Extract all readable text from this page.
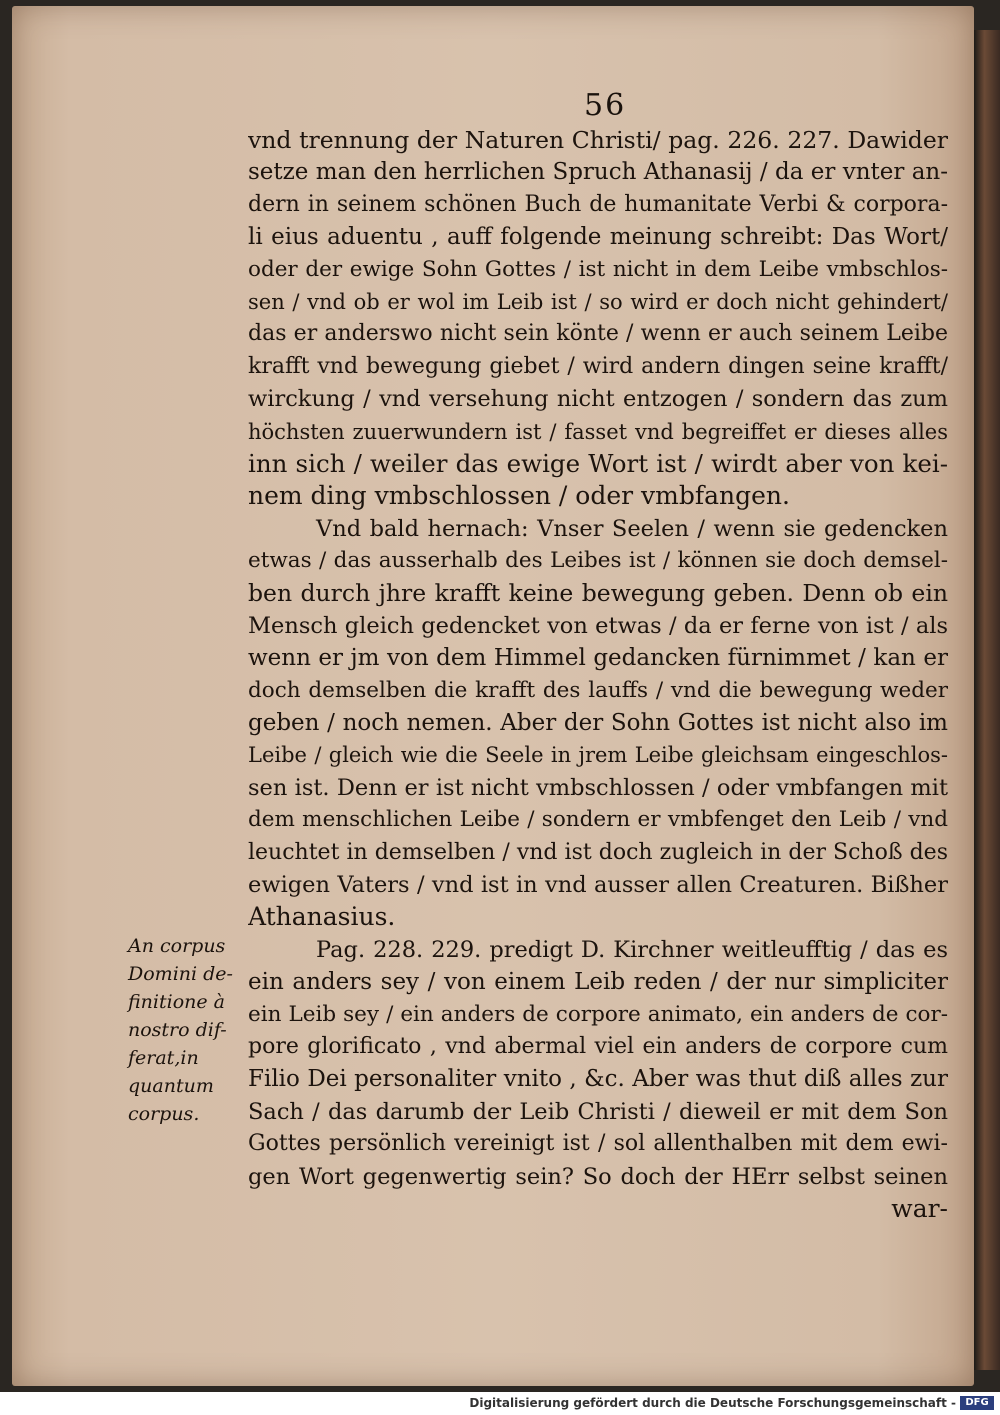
56
vnd trennung der Naturen Christi/ pag. 226. 227. Dawider
setze man den herrlichen Spruch Athanasij / da er vnter an-
dern in seinem schönen Buch de humanitate Verbi & corpora-
li eius aduentu , auff folgende meinung schreibt: Das Wort/
oder der ewige Sohn Gottes / ist nicht in dem Leibe vmbschlos-
sen / vnd ob er wol im Leib ist / so wird er doch nicht gehindert/
das er anderswo nicht sein könte / wenn er auch seinem Leibe
krafft vnd bewegung giebet / wird andern dingen seine krafft/
wirckung / vnd versehung nicht entzogen / sondern das zum
höchsten zuuerwundern ist / fasset vnd begreiffet er dieses alles
inn sich / weiler das ewige Wort ist / wirdt aber von kei-
nem ding vmbschlossen / oder vmbfangen.
Vnd bald hernach: Vnser Seelen / wenn sie gedencken
etwas / das ausserhalb des Leibes ist / können sie doch demsel-
ben durch jhre krafft keine bewegung geben. Denn ob ein
Mensch gleich gedencket von etwas / da er ferne von ist / als
wenn er jm von dem Himmel gedancken fürnimmet / kan er
doch demselben die krafft des lauffs / vnd die bewegung weder
geben / noch nemen. Aber der Sohn Gottes ist nicht also im
Leibe / gleich wie die Seele in jrem Leibe gleichsam eingeschlos-
sen ist. Denn er ist nicht vmbschlossen / oder vmbfangen mit
dem menschlichen Leibe / sondern er vmbfenget den Leib / vnd
leuchtet in demselben / vnd ist doch zugleich in der Schoß des
ewigen Vaters / vnd ist in vnd ausser allen Creaturen. Bißher
Athanasius.
Pag. 228. 229. predigt D. Kirchner weitleufftig / das es
ein anders sey / von einem Leib reden / der nur simpliciter
ein Leib sey / ein anders de corpore animato, ein anders de cor-
pore glorificato , vnd abermal viel ein anders de corpore cum
Filio Dei personaliter vnito , &c. Aber was thut diß alles zur
Sach / das darumb der Leib Christi / dieweil er mit dem Son
Gottes persönlich vereinigt ist / sol allenthalben mit dem ewi-
gen Wort gegenwertig sein? So doch der HErr selbst seinen
war-
An corpus
Domini de-
finitione à
nostro dif-
ferat,in
quantum
corpus.
Digitalisierung gefördert durch die Deutsche Forschungsgemeinschaft - DFG
